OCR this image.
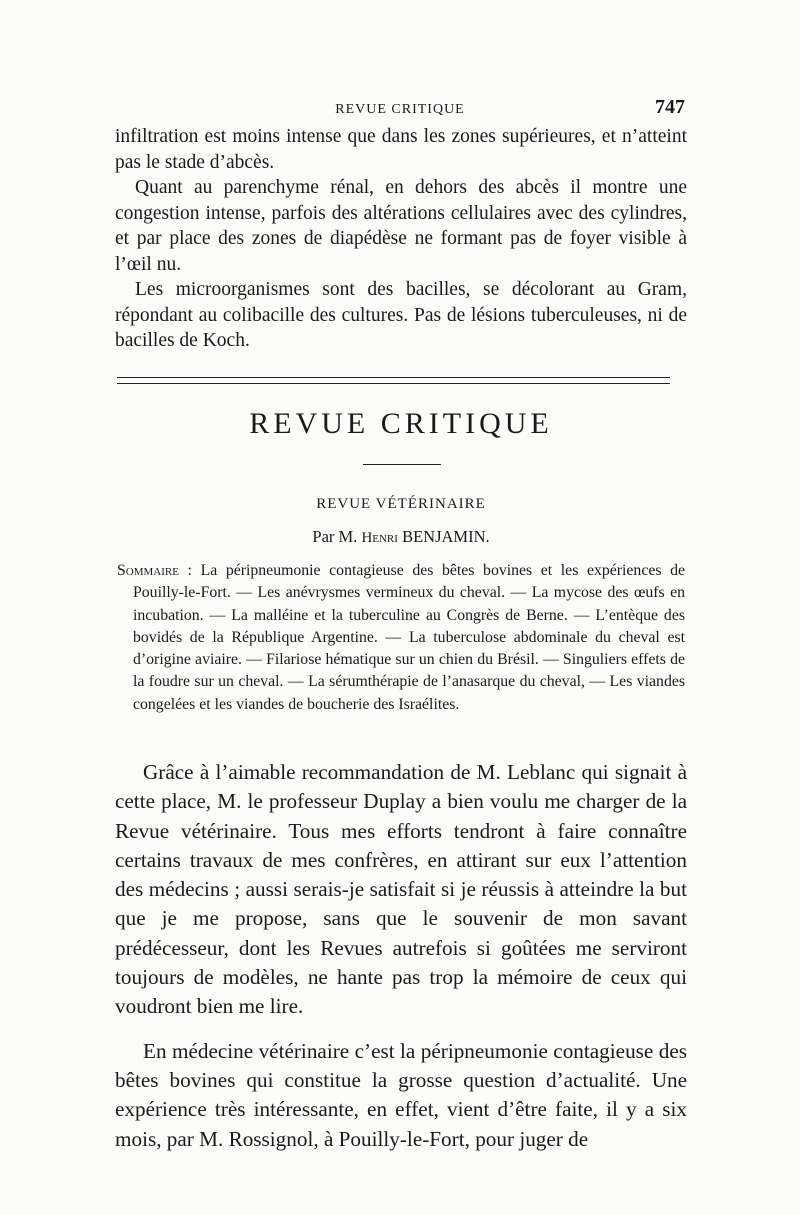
REVUE CRITIQUE	747

infiltration est moins intense que dans les zones supérieures, et n’atteint pas le stade d’abcès.

Quant au parenchyme rénal, en dehors des abcès il montre une congestion intense, parfois des altérations cellulaires avec des cylindres, et par place des zones de diapédèse ne formant pas de foyer visible à l’œil nu.

Les microorganismes sont des bacilles, se décolorant au Gram, répondant au colibacille des cultures. Pas de lésions tuberculeuses, ni de bacilles de Koch.

REVUE CRITIQUE
REVUE VÉTÉRINAIRE
Par M. Henri BENJAMIN.
Sommaire : La péripneumonie contagieuse des bêtes bovines et les expériences de Pouilly-le-Fort. — Les anévrysmes vermineux du cheval. — La mycose des œufs en incubation. — La malléine et la tuberculine au Congrès de Berne. — L’entèque des bovidés de la République Argentine. — La tuberculose abdominale du cheval est d’origine aviaire. — Filariose hématique sur un chien du Brésil. — Singuliers effets de la foudre sur un cheval. — La sérumthérapie de l’anasarque du cheval, — Les viandes congelées et les viandes de boucherie des Israélites.

Grâce à l’aimable recommandation de M. Leblanc qui signait à cette place, M. le professeur Duplay a bien voulu me charger de la Revue vétérinaire. Tous mes efforts tendront à faire connaître certains travaux de mes confrères, en attirant sur eux l’attention des médecins ; aussi serais-je satisfait si je réussis à atteindre la but que je me propose, sans que le souvenir de mon savant prédécesseur, dont les Revues autrefois si goûtées me serviront toujours de modèles, ne hante pas trop la mémoire de ceux qui voudront bien me lire.

En médecine vétérinaire c’est la péripneumonie contagieuse des bêtes bovines qui constitue la grosse question d’actualité. Une expérience très intéressante, en effet, vient d’être faite, il y a six mois, par M. Rossignol, à Pouilly-le-Fort, pour juger de
